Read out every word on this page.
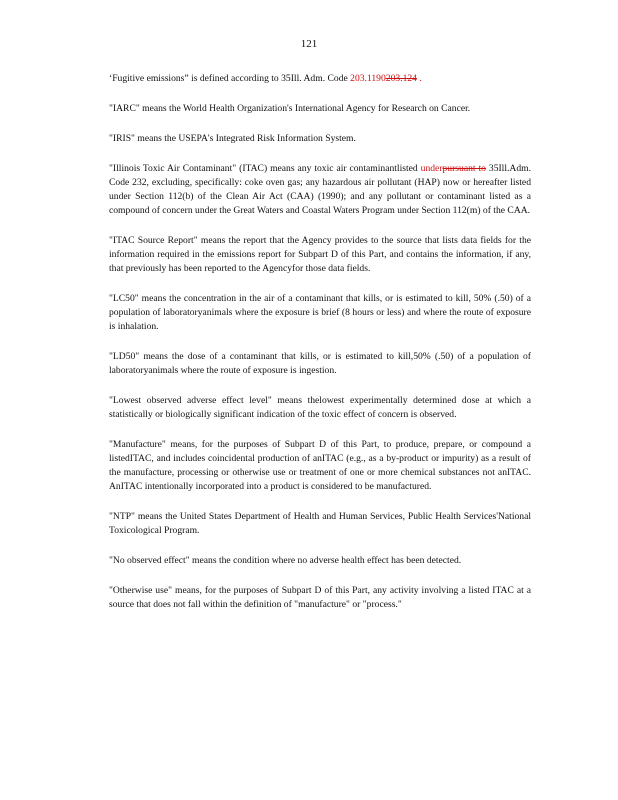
121

‘Fugitive emissions” is defined according to 35Ill. Adm. Code 203.1190203.124 .

"IARC" means the World Health Organization's International Agency for Research on Cancer.

"IRIS" means the USEPA's Integrated Risk Information System.

"Illinois Toxic Air Contaminant" (ITAC) means any toxic air contaminantlisted underpursuant to 35Ill.Adm. Code 232, excluding, specifically: coke oven gas; any hazardous air pollutant (HAP) now or hereafter listed under Section 112(b) of the Clean Air Act (CAA) (1990); and any pollutant or contaminant listed as a compound of concern under the Great Waters and Coastal Waters Program under Section 112(m) of the CAA.

"ITAC Source Report" means the report that the Agency provides to the source that lists data fields for the information required in the emissions report for Subpart D of this Part, and contains the information, if any, that previously has been reported to the Agencyfor those data fields.

"LC50" means the concentration in the air of a contaminant that kills, or is estimated to kill, 50% (.50) of a population of laboratoryanimals where the exposure is brief (8 hours or less) and where the route of exposure is inhalation.

"LD50" means the dose of a contaminant that kills, or is estimated to kill,50% (.50) of a population of laboratoryanimals where the route of exposure is ingestion.

"Lowest observed adverse effect level" means thelowest experimentally determined dose at which a statistically or biologically significant indication of the toxic effect of concern is observed.

"Manufacture" means, for the purposes of Subpart D of this Part, to produce, prepare, or compound a listedITAC, and includes coincidental production of anITAC (e.g., as a by-product or impurity) as a result of the manufacture, processing or otherwise use or treatment of one or more chemical substances not anITAC. AnITAC intentionally incorporated into a product is considered to be manufactured.

"NTP" means the United States Department of Health and Human Services, Public Health Services'National Toxicological Program.

"No observed effect" means the condition where no adverse health effect has been detected.

"Otherwise use" means, for the purposes of Subpart D of this Part, any activity involving a listed ITAC at a source that does not fall within the definition of "manufacture" or "process."
